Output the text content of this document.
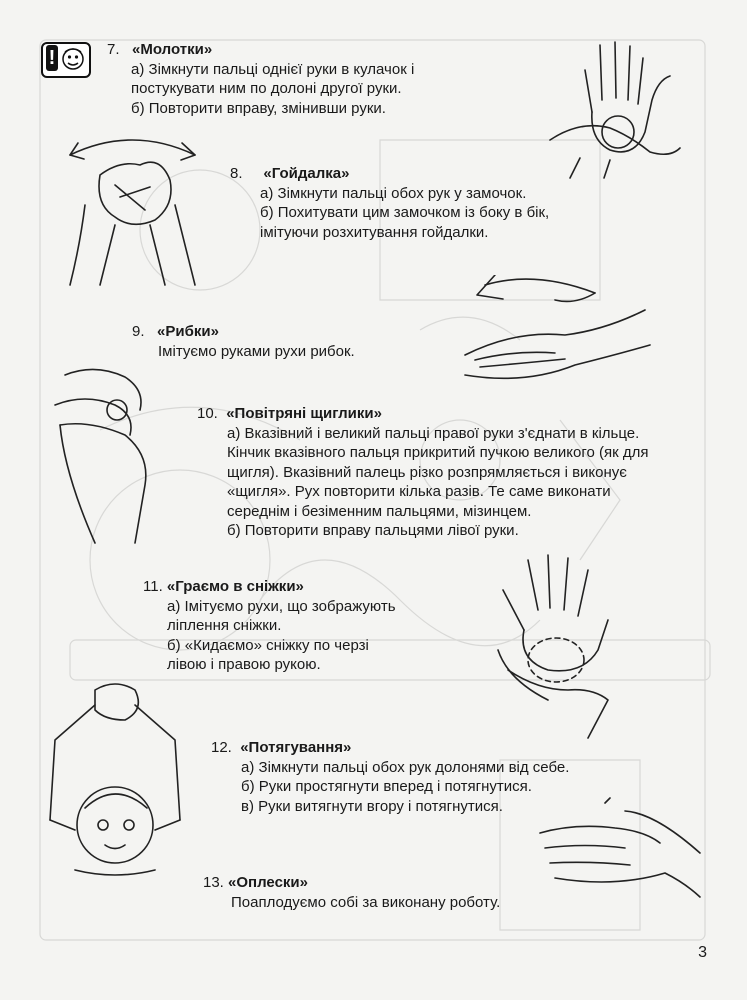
!	7. «Молотки»
а) Зімкнути пальці однієї руки в кулачок і
постукувати ним по долоні другої руки.
б) Повторити вправу, змінивши руки.
8. «Гойдалка»
а) Зімкнути пальці обох рук у замочок.
б) Похитувати цим замочком із боку в бік,
імітуючи розхитування гойдалки.
9. «Рибки»
Імітуємо руками рухи рибок.
10. «Повітряні щиглики»
а) Вказівний і великий пальці правої руки з'єднати в кільце.
Кінчик вказівного пальця прикритий пучкою великого (як для
щигля). Вказівний палець різко розпрямляється і виконує
«щигля». Рух повторити кілька разів. Те саме виконати
середнім і безіменним пальцями, мізинцем.
б) Повторити вправу пальцями лівої руки.
11. «Граємо в сніжки»
а) Імітуємо рухи, що зображують
ліплення сніжки.
б) «Кидаємо» сніжку по черзі
лівою і правою рукою.
12. «Потягування»
а) Зімкнути пальці обох рук долонями від себе.
б) Руки простягнути вперед і потягнутися.
в) Руки витягнути вгору і потягнутися.
13. «Оплески»
Поаплодуємо собі за виконану роботу.
3
